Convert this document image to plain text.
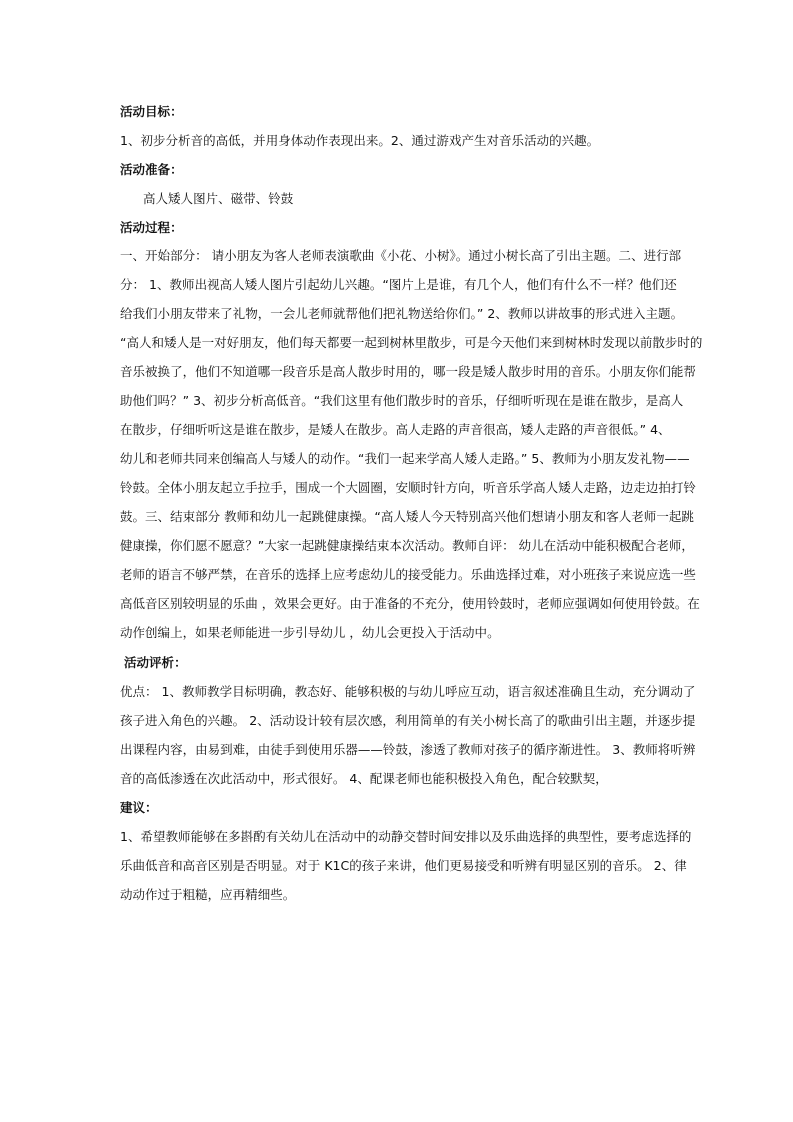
活动目标：
1、初步分析音的高低，并用身体动作表现出来。2、通过游戏产生对音乐活动的兴趣。
活动准备：
高人矮人图片、磁带、铃鼓
活动过程：
一、开始部分： 请小朋友为客人老师表演歌曲《小花、小树》。通过小树长高了引出主题。二、进行部
分： 1、教师出视高人矮人图片引起幼儿兴趣。“图片上是谁，有几个人，他们有什么不一样？他们还
给我们小朋友带来了礼物，一会儿老师就帮他们把礼物送给你们。” 2、教师以讲故事的形式进入主题。
“高人和矮人是一对好朋友，他们每天都要一起到树林里散步，可是今天他们来到树林时发现以前散步时的
音乐被换了，他们不知道哪一段音乐是高人散步时用的，哪一段是矮人散步时用的音乐。小朋友你们能帮
助他们吗？” 3、初步分析高低音。“我们这里有他们散步时的音乐，仔细听听现在是谁在散步，是高人
在散步，仔细听听这是谁在散步，是矮人在散步。高人走路的声音很高，矮人走路的声音很低。” 4、
幼儿和老师共同来创编高人与矮人的动作。“我们一起来学高人矮人走路。” 5、教师为小朋友发礼物——
铃鼓。全体小朋友起立手拉手，围成一个大圆圈，安顺时针方向，听音乐学高人矮人走路，边走边拍打铃
鼓。三、结束部分 教师和幼儿一起跳健康操。“高人矮人今天特别高兴他们想请小朋友和客人老师一起跳
健康操，你们愿不愿意？”大家一起跳健康操结束本次活动。教师自评： 幼儿在活动中能积极配合老师，
老师的语言不够严禁，在音乐的选择上应考虑幼儿的接受能力。乐曲选择过难，对小班孩子来说应选一些
高低音区别较明显的乐曲 ，效果会更好。由于准备的不充分，使用铃鼓时，老师应强调如何使用铃鼓。在
动作创编上，如果老师能进一步引导幼儿 ，幼儿会更投入于活动中。
活动评析：
优点： 1、教师教学目标明确，教态好、能够积极的与幼儿呼应互动，语言叙述准确且生动，充分调动了
孩子进入角色的兴趣。 2、活动设计较有层次感，利用简单的有关小树长高了的歌曲引出主题，并逐步提
出课程内容，由易到难，由徒手到使用乐器——铃鼓，渗透了教师对孩子的循序渐进性。 3、教师将听辨
音的高低渗透在次此活动中，形式很好。 4、配课老师也能积极投入角色，配合较默契，
建议：
1、希望教师能够在多斟酌有关幼儿在活动中的动静交替时间安排以及乐曲选择的典型性，要考虑选择的
乐曲低音和高音区别是否明显。对于 K1C的孩子来讲，他们更易接受和听辨有明显区别的音乐。 2、律
动动作过于粗糙，应再精细些。
